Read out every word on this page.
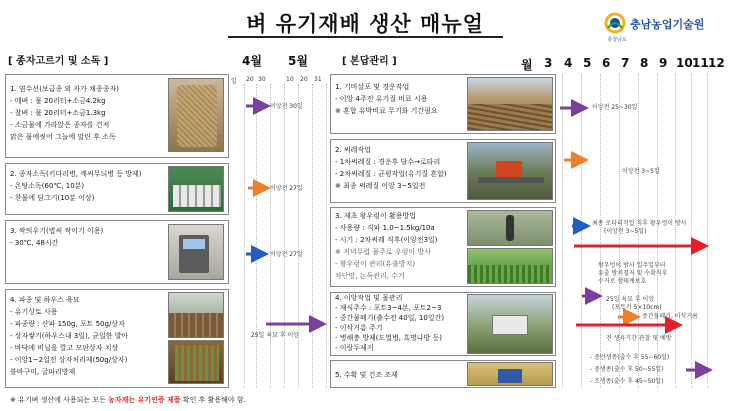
벼 유기재배 생산 매뉴얼
충청남도
충남농업기술원
[ 종자고르기 및 소독 ]	[ 본답관리 ]
4월 5월
일 20 30	10 20 31
월 3 4 5 6 7 8 9 10 11 12
1. 염수선(보급종 외 자가 채종종자)
- 메벼 : 물 20리터+소금4.2kg
- 찰벼 : 물 20리터+소금1.3kg
- 소금물에 가라앉은 종자를 건져
맑은 물에씻어 그늘에 말린 후 소독
2. 종자소독(키다리병, 깨씨무늬병 등 방제)
- 온탕소독(60℃, 10분)
- 찬물에 담그기(10분 이상)
3. 싹틔우기(볍씨 싹이기 이용)
- 30℃, 48시간
4. 파종 및 하우스 육묘
- 유기상토 사용
- 파종량 : 산파 150g, 포트 50g/상자
- 상자쌓기(하우스내 3일), 균일한 발아
- 바닥에 비닐을 깔고 모판상자 치상
- 이앙1~2일전 상자처리제(50g/상자)
블바구미, 굴파리방제
이앙전 30일
이앙전 27일
이앙전 27일
25일 육묘 후 이앙
1. 기비살포 및 경운작업
- 이앙 4주전 유기질 비료 시용
※ 혼합 유박비료 무기화 기간필요
2. 써레작업
- 1차써레질 : 경운후 담수→로타리
- 2차써레질 : 균평작업(유기질 혼합)
※ 최종 써레질 이앙 3~5일전
3. 제초 왕우렁이 활용방법
- 사용량 : 직파 1.0~1.5kg/10a
- 시기 : 2차써레 직후(이앙전3일)
※ 저녁무렵 물주로 우렁이 방사
- 왕우렁이 관리(유출방지)
차단망, 논둑관리, 수거
4. 이앙작업 및 물관리
- 재식주수 : 포트3~4본, 포트2~3
- 중간물떼기(출수전 40일, 10일간)
- 이삭거름 주기
- 병해충 방제(도열병, 흑명나방 등)
- 이랑두제거
5. 수확 및 건조 조제
이앙전 25~30일
이앙전 3~5일
최종 로타리작업 직후 왕우렁이 방사
(이앙전 3~5일)
왕우렁이 방사 일주일부터
유출 방지철저 및 수확직후
수거로 생태계보호
25일 육묘 후 이앙
(포트키 5×10cm)
중간물떼기, 이삭거름
전 생육기간 관찰 및 예방
- 중만생종(출수 후 55~60일)
- 중생종(출수 후 50~55일)
- 조생종(출수 후 45~50일)
※ 유기벼 생산에 사용되는 모든 농자재는 유기인증 제품 확인 후 활용해야 함.
